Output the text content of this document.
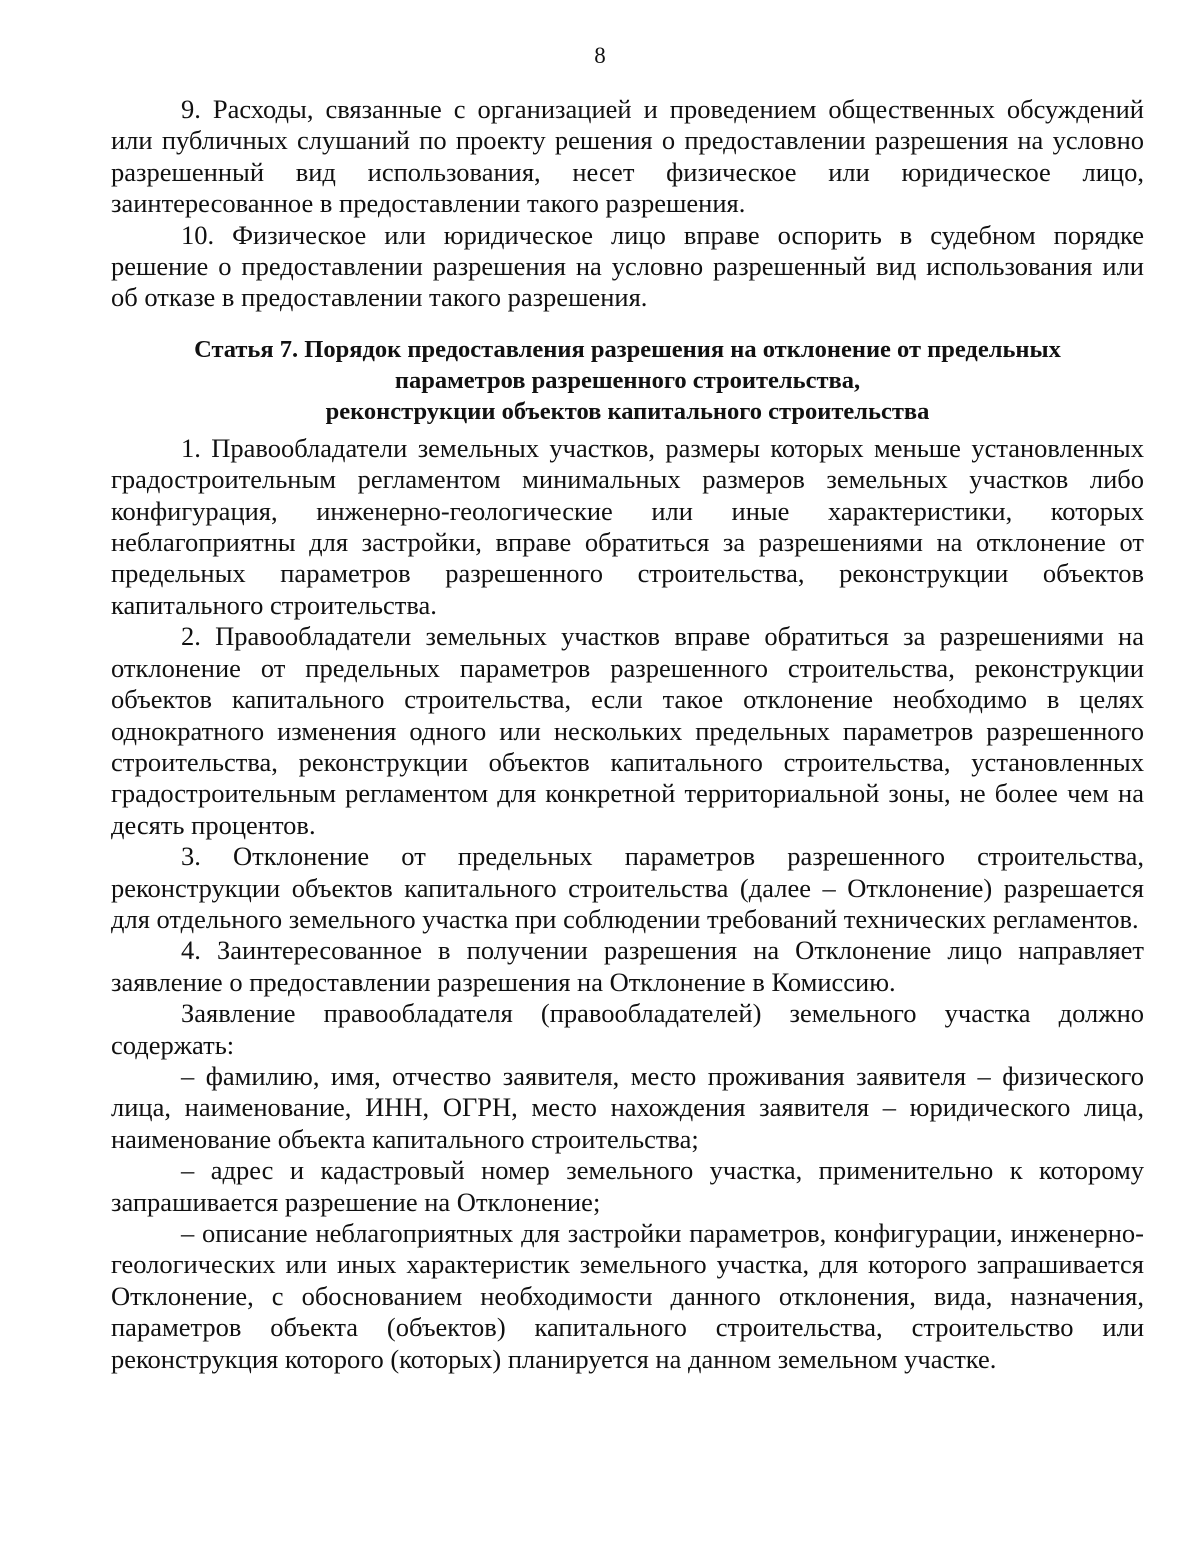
8

9. Расходы, связанные с организацией и проведением общественных обсуждений или публичных слушаний по проекту решения о предоставлении разрешения на условно разрешенный вид использования, несет физическое или юридическое лицо, заинтересованное в предоставлении такого разрешения.

10. Физическое или юридическое лицо вправе оспорить в судебном порядке решение о предоставлении разрешения на условно разрешенный вид использования или об отказе в предоставлении такого разрешения.

Статья 7. Порядок предоставления разрешения на отклонение от предельных
параметров разрешенного строительства,
реконструкции объектов капитального строительства

1. Правообладатели земельных участков, размеры которых меньше установленных градостроительным регламентом минимальных размеров земельных участков либо конфигурация, инженерно-геологические или иные характеристики, которых неблагоприятны для застройки, вправе обратиться за разрешениями на отклонение от предельных параметров разрешенного строительства, реконструкции объектов капитального строительства.

2. Правообладатели земельных участков вправе обратиться за разрешениями на отклонение от предельных параметров разрешенного строительства, реконструкции объектов капитального строительства, если такое отклонение необходимо в целях однократного изменения одного или нескольких предельных параметров разрешенного строительства, реконструкции объектов капитального строительства, установленных градостроительным регламентом для конкретной территориальной зоны, не более чем на десять процентов.

3. Отклонение от предельных параметров разрешенного строительства, реконструкции объектов капитального строительства (далее – Отклонение) разрешается для отдельного земельного участка при соблюдении требований технических регламентов.

4. Заинтересованное в получении разрешения на Отклонение лицо направляет заявление о предоставлении разрешения на Отклонение в Комиссию.

Заявление правообладателя (правообладателей) земельного участка должно содержать:

– фамилию, имя, отчество заявителя, место проживания заявителя – физического лица, наименование, ИНН, ОГРН, место нахождения заявителя – юридического лица, наименование объекта капитального строительства;

– адрес и кадастровый номер земельного участка, применительно к которому запрашивается разрешение на Отклонение;

– описание неблагоприятных для застройки параметров, конфигурации, инженерно-геологических или иных характеристик земельного участка, для которого запрашивается Отклонение, с обоснованием необходимости данного отклонения, вида, назначения, параметров объекта (объектов) капитального строительства, строительство или реконструкция которого (которых) планируется на данном земельном участке.
